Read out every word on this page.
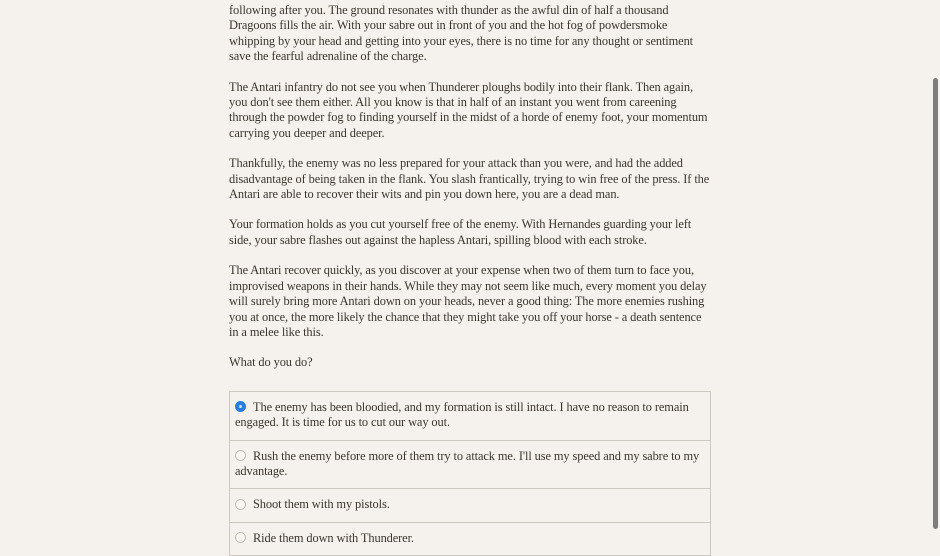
following after you. The ground resonates with thunder as the awful din of half a thousand Dragoons fills the air. With your sabre out in front of you and the hot fog of powdersmoke whipping by your head and getting into your eyes, there is no time for any thought or sentiment save the fearful adrenaline of the charge.

The Antari infantry do not see you when Thunderer ploughs bodily into their flank. Then again, you don't see them either. All you know is that in half of an instant you went from careening through the powder fog to finding yourself in the midst of a horde of enemy foot, your momentum carrying you deeper and deeper.

Thankfully, the enemy was no less prepared for your attack than you were, and had the added disadvantage of being taken in the flank. You slash frantically, trying to win free of the press. If the Antari are able to recover their wits and pin you down here, you are a dead man.

Your formation holds as you cut yourself free of the enemy. With Hernandes guarding your left side, your sabre flashes out against the hapless Antari, spilling blood with each stroke.

The Antari recover quickly, as you discover at your expense when two of them turn to face you, improvised weapons in their hands. While they may not seem like much, every moment you delay will surely bring more Antari down on your heads, never a good thing: The more enemies rushing you at once, the more likely the chance that they might take you off your horse - a death sentence in a melee like this.

What do you do?

The enemy has been bloodied, and my formation is still intact. I have no reason to remain engaged. It is time for us to cut our way out.
Rush the enemy before more of them try to attack me. I'll use my speed and my sabre to my advantage.
Shoot them with my pistols.
Ride them down with Thunderer.
